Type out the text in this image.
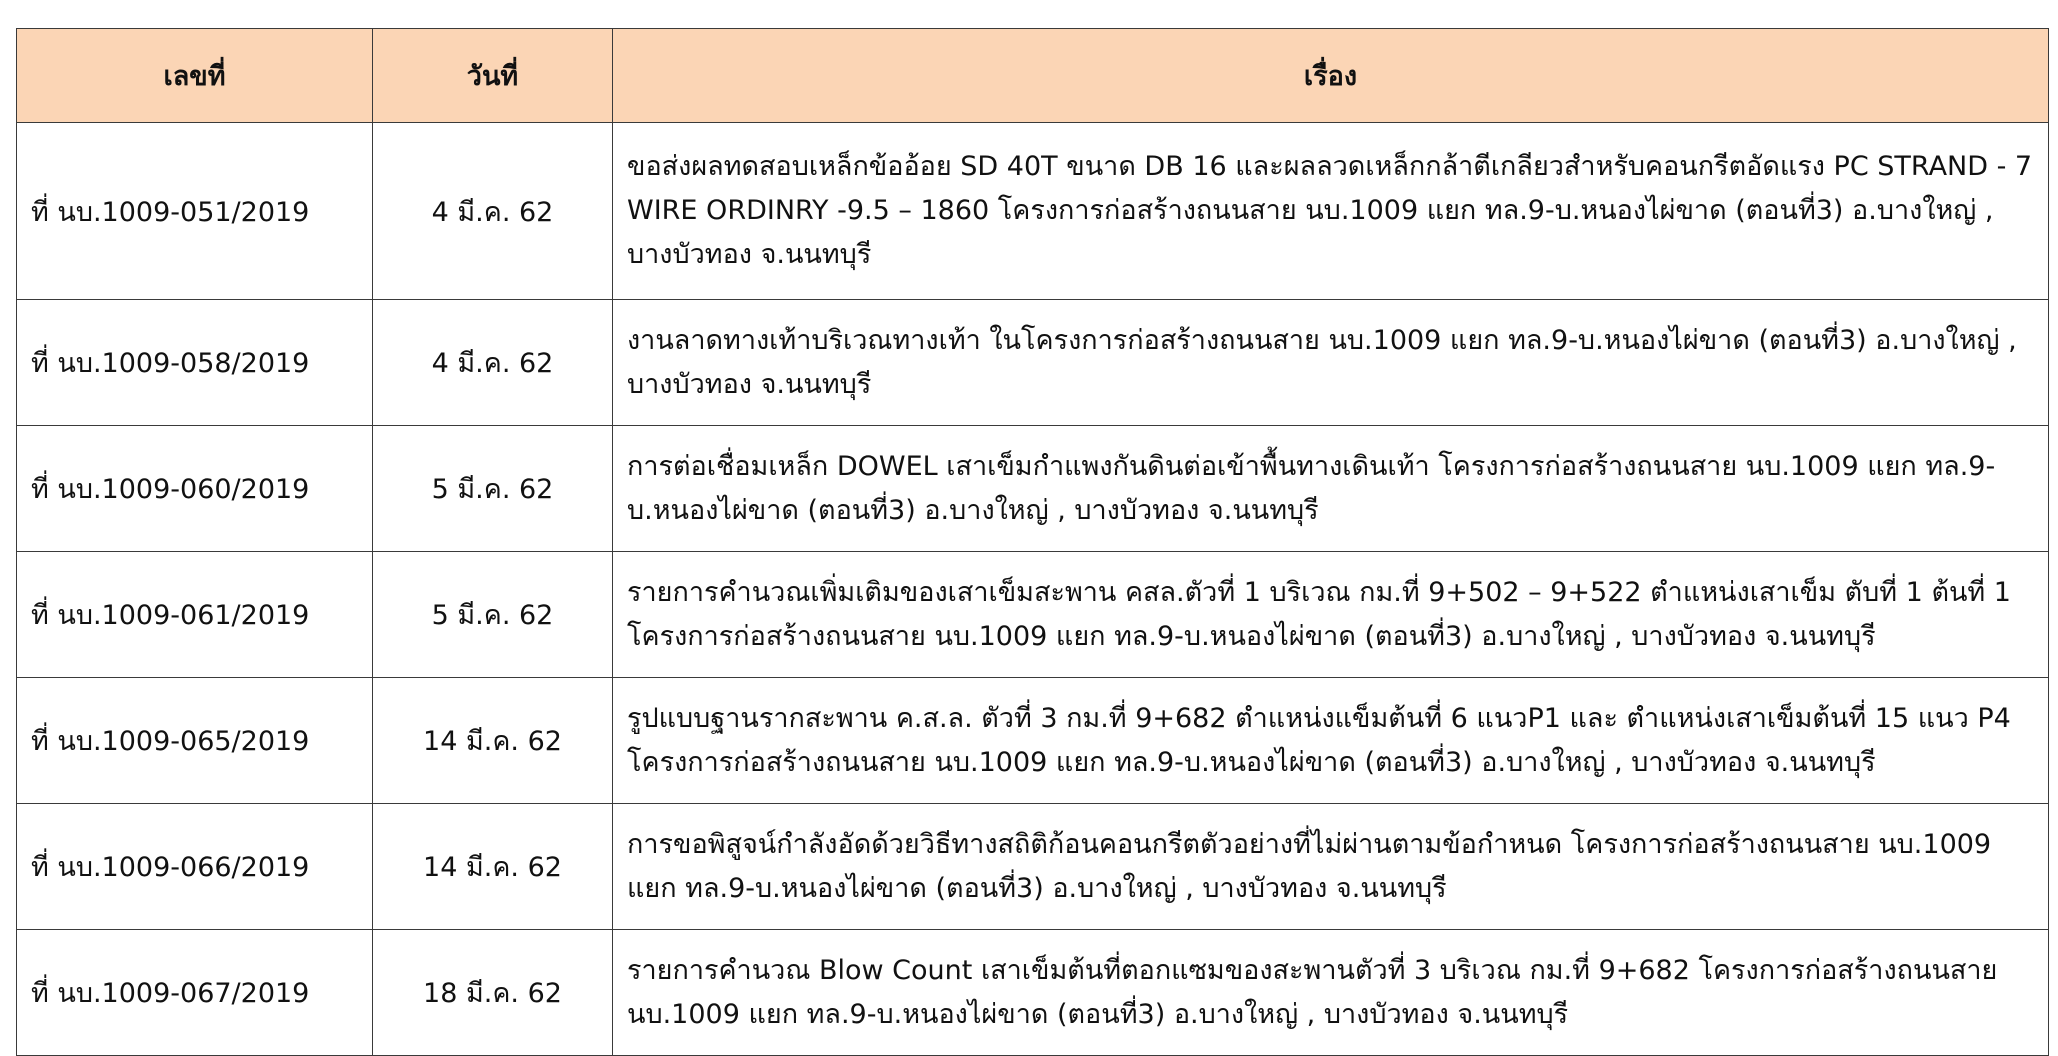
เลขที่	วันที่	เรื่อง
ที่ นบ.1009-051/2019	4 มี.ค. 62	ขอส่งผลทดสอบเหล็กข้ออ้อย SD 40T ขนาด DB 16 และผลลวดเหล็กกล้าตีเกลียวสำหรับคอนกรีตอัดแรง PC STRAND - 7 WIRE ORDINRY -9.5 – 1860 โครงการก่อสร้างถนนสาย นบ.1009 แยก ทล.9-บ.หนองไผ่ขาด (ตอนที่3) อ.บางใหญ่ , บางบัวทอง จ.นนทบุรี
ที่ นบ.1009-058/2019	4 มี.ค. 62	งานลาดทางเท้าบริเวณทางเท้า ในโครงการก่อสร้างถนนสาย นบ.1009 แยก ทล.9-บ.หนองไผ่ขาด (ตอนที่3) อ.บางใหญ่ , บางบัวทอง จ.นนทบุรี
ที่ นบ.1009-060/2019	5 มี.ค. 62	การต่อเชื่อมเหล็ก DOWEL เสาเข็มกำแพงกันดินต่อเข้าพื้นทางเดินเท้า โครงการก่อสร้างถนนสาย นบ.1009 แยก ทล.9-บ.หนองไผ่ขาด (ตอนที่3) อ.บางใหญ่ , บางบัวทอง จ.นนทบุรี
ที่ นบ.1009-061/2019	5 มี.ค. 62	รายการคำนวณเพิ่มเติมของเสาเข็มสะพาน คสล.ตัวที่ 1 บริเวณ กม.ที่ 9+502 – 9+522 ตำแหน่งเสาเข็ม ตับที่ 1 ต้นที่ 1 โครงการก่อสร้างถนนสาย นบ.1009 แยก ทล.9-บ.หนองไผ่ขาด (ตอนที่3) อ.บางใหญ่ , บางบัวทอง จ.นนทบุรี
ที่ นบ.1009-065/2019	14 มี.ค. 62	รูปแบบฐานรากสะพาน ค.ส.ล. ตัวที่ 3 กม.ที่ 9+682 ตำแหน่งแข็มต้นที่ 6 แนวP1 และ ตำแหน่งเสาเข็มต้นที่ 15 แนว P4 โครงการก่อสร้างถนนสาย นบ.1009 แยก ทล.9-บ.หนองไผ่ขาด (ตอนที่3) อ.บางใหญ่ , บางบัวทอง จ.นนทบุรี
ที่ นบ.1009-066/2019	14 มี.ค. 62	การขอพิสูจน์กำลังอัดด้วยวิธีทางสถิติก้อนคอนกรีตตัวอย่างที่ไม่ผ่านตามข้อกำหนด โครงการก่อสร้างถนนสาย นบ.1009 แยก ทล.9-บ.หนองไผ่ขาด (ตอนที่3) อ.บางใหญ่ , บางบัวทอง จ.นนทบุรี
ที่ นบ.1009-067/2019	18 มี.ค. 62	รายการคำนวณ Blow Count เสาเข็มต้นที่ตอกแซมของสะพานตัวที่ 3 บริเวณ กม.ที่ 9+682 โครงการก่อสร้างถนนสาย นบ.1009 แยก ทล.9-บ.หนองไผ่ขาด (ตอนที่3) อ.บางใหญ่ , บางบัวทอง จ.นนทบุรี
